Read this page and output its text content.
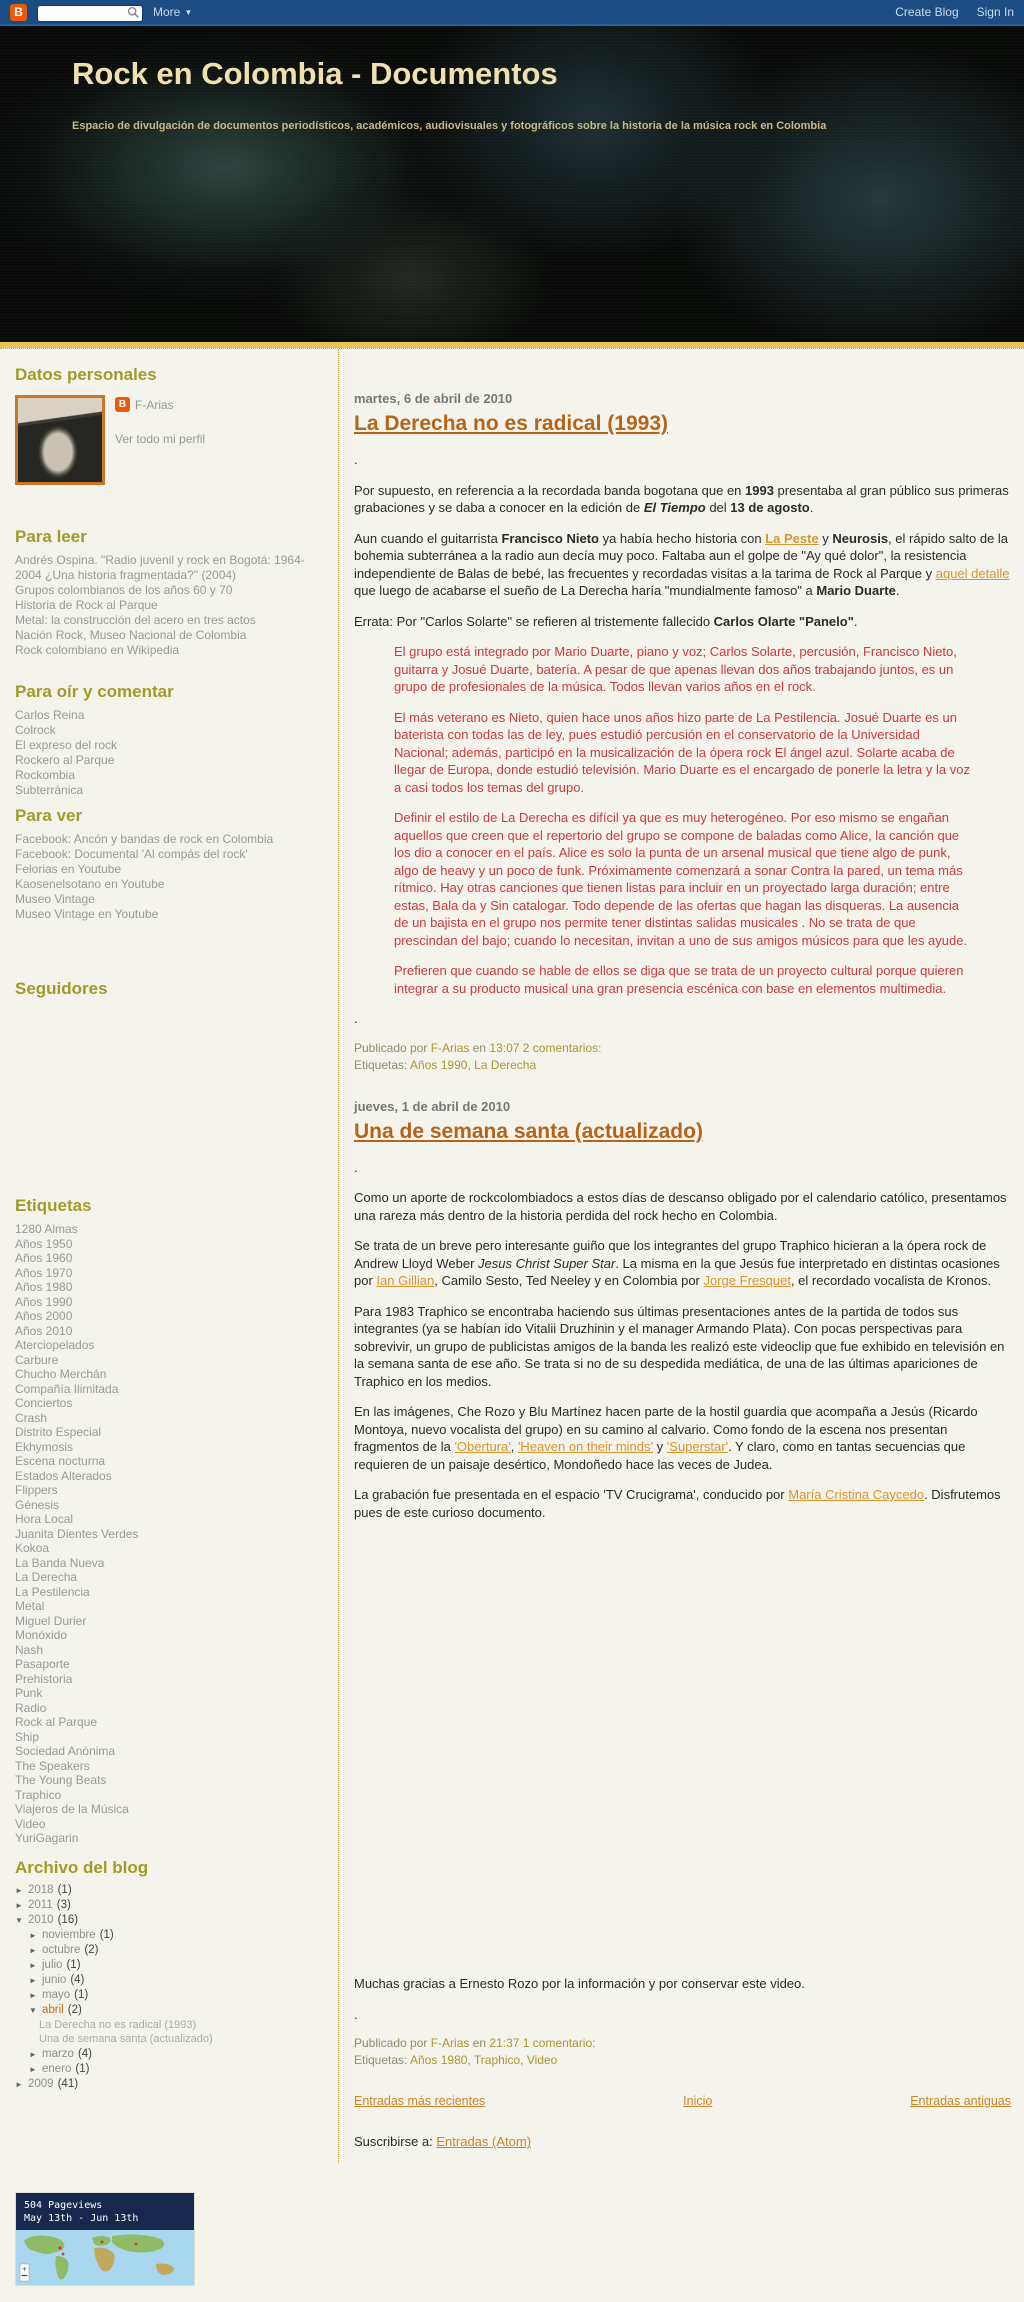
B	More ▼	Create Blog Sign In
Rock en Colombia - Documentos
Espacio de divulgación de documentos periodísticos, académicos, audiovisuales y fotográficos sobre la historia de la música rock en Colombia
Datos personales
B F-Arias
Ver todo mi perfil
Para leer
Andrés Ospina. "Radio juvenil y rock en Bogotá: 1964-2004 ¿Una historia fragmentada?" (2004)
Grupos colombianos de los años 60 y 70
Historia de Rock al Parque
Metal: la construcción del acero en tres actos
Nación Rock, Museo Nacional de Colombia
Rock colombiano en Wikipedia
Para oír y comentar
Carlos Reina
Colrock
El expreso del rock
Rockero al Parque
Rockombia
Subterránica
Para ver
Facebook: Ancón y bandas de rock en Colombia
Facebook: Documental 'Al compás del rock'
Felorias en Youtube
Kaosenelsotano en Youtube
Museo Vintage
Museo Vintage en Youtube
Seguidores
Etiquetas
1280 Almas
Años 1950
Años 1960
Años 1970
Años 1980
Años 1990
Años 2000
Años 2010
Aterciopelados
Carbure
Chucho Merchán
Compañía Ilimitada
Conciertos
Crash
Distrito Especial
Ekhymosis
Escena nocturna
Estados Alterados
Flippers
Génesis
Hora Local
Juanita Dientes Verdes
Kokoa
La Banda Nueva
La Derecha
La Pestilencia
Metal
Miguel Durier
Monóxido
Nash
Pasaporte
Prehistoria
Punk
Radio
Rock al Parque
Ship
Sociedad Anónima
The Speakers
The Young Beats
Traphico
Viajeros de la Música
Video
YuriGagarin
Archivo del blog
► 2018 (1)
► 2011 (3)
▼ 2010 (16)
► noviembre (1)
► octubre (2)
► julio (1)
► junio (4)
► mayo (1)
▼ abril (2)
La Derecha no es radical (1993)
Una de semana santa (actualizado)
► marzo (4)
► enero (1)
► 2009 (41)
504 Pageviews
May 13th - Jun 13th
+
martes, 6 de abril de 2010
La Derecha no es radical (1993)

.

Por supuesto, en referencia a la recordada banda bogotana que en 1993 presentaba al gran público sus primeras grabaciones y se daba a conocer en la edición de El Tiempo del 13 de agosto.

Aun cuando el guitarrista Francisco Nieto ya había hecho historia con La Peste y Neurosis, el rápido salto de la bohemia subterránea a la radio aun decía muy poco. Faltaba aun el golpe de "Ay qué dolor", la resistencia independiente de Balas de bebé, las frecuentes y recordadas visitas a la tarima de Rock al Parque y aquel detalle que luego de acabarse el sueño de La Derecha haría "mundialmente famoso" a Mario Duarte.

Errata: Por "Carlos Solarte" se refieren al tristemente fallecido Carlos Olarte "Panelo".

El grupo está integrado por Mario Duarte, piano y voz; Carlos Solarte, percusión, Francisco Nieto, guitarra y Josué Duarte, batería. A pesar de que apenas llevan dos años trabajando juntos, es un grupo de profesionales de la música. Todos llevan varios años en el rock.

El más veterano es Nieto, quien hace unos años hizo parte de La Pestilencia. Josué Duarte es un baterista con todas las de ley, pues estudió percusión en el conservatorio de la Universidad Nacional; además, participó en la musicalización de la ópera rock El ángel azul. Solarte acaba de llegar de Europa, donde estudió televisión. Mario Duarte es el encargado de ponerle la letra y la voz a casi todos los temas del grupo.

Definir el estilo de La Derecha es difícil ya que es muy heterogéneo. Por eso mismo se engañan aquellos que creen que el repertorio del grupo se compone de baladas como Alice, la canción que los dio a conocer en el país. Alice es solo la punta de un arsenal musical que tiene algo de punk, algo de heavy y un poco de funk. Próximamente comenzará a sonar Contra la pared, un tema más rítmico. Hay otras canciones que tienen listas para incluir en un proyectado larga duración; entre estas, Bala da y Sin catalogar. Todo depende de las ofertas que hagan las disqueras. La ausencia de un bajista en el grupo nos permite tener distintas salidas musicales . No se trata de que prescindan del bajo; cuando lo necesitan, invitan a uno de sus amigos músicos para que les ayude.

Prefieren que cuando se hable de ellos se diga que se trata de un proyecto cultural porque quieren integrar a su producto musical una gran presencia escénica con base en elementos multimedia.

.

Publicado por F-Arias en 13:07 2 comentarios:
Etiquetas: Años 1990, La Derecha
jueves, 1 de abril de 2010
Una de semana santa (actualizado)

.

Como un aporte de rockcolombiadocs a estos días de descanso obligado por el calendario católico, presentamos una rareza más dentro de la historia perdida del rock hecho en Colombia.

Se trata de un breve pero interesante guiño que los integrantes del grupo Traphico hicieran a la ópera rock de Andrew Lloyd Weber Jesus Christ Super Star. La misma en la que Jesús fue interpretado en distintas ocasiones por Ian Gillian, Camilo Sesto, Ted Neeley y en Colombia por Jorge Fresquet, el recordado vocalista de Kronos.

Para 1983 Traphico se encontraba haciendo sus últimas presentaciones antes de la partida de todos sus integrantes (ya se habían ido Vitalii Druzhinin y el manager Armando Plata). Con pocas perspectivas para sobrevivir, un grupo de publicistas amigos de la banda les realizó este videoclip que fue exhibido en televisión en la semana santa de ese año. Se trata si no de su despedida mediática, de una de las últimas apariciones de Traphico en los medios.

En las imágenes, Che Rozo y Blu Martínez hacen parte de la hostil guardia que acompaña a Jesús (Ricardo Montoya, nuevo vocalista del grupo) en su camino al calvario. Como fondo de la escena nos presentan fragmentos de la 'Obertura', 'Heaven on their minds' y 'Superstar'. Y claro, como en tantas secuencias que requieren de un paisaje desértico, Mondoñedo hace las veces de Judea.

La grabación fue presentada en el espacio 'TV Crucigrama', conducido por María Cristina Caycedo. Disfrutemos pues de este curioso documento.

Muchas gracias a Ernesto Rozo por la información y por conservar este video.

.

Publicado por F-Arias en 21:37 1 comentario:
Etiquetas: Años 1980, Traphico, Video
Entradas más recientes	Inicio	Entradas antiguas
Suscribirse a: Entradas (Atom)
